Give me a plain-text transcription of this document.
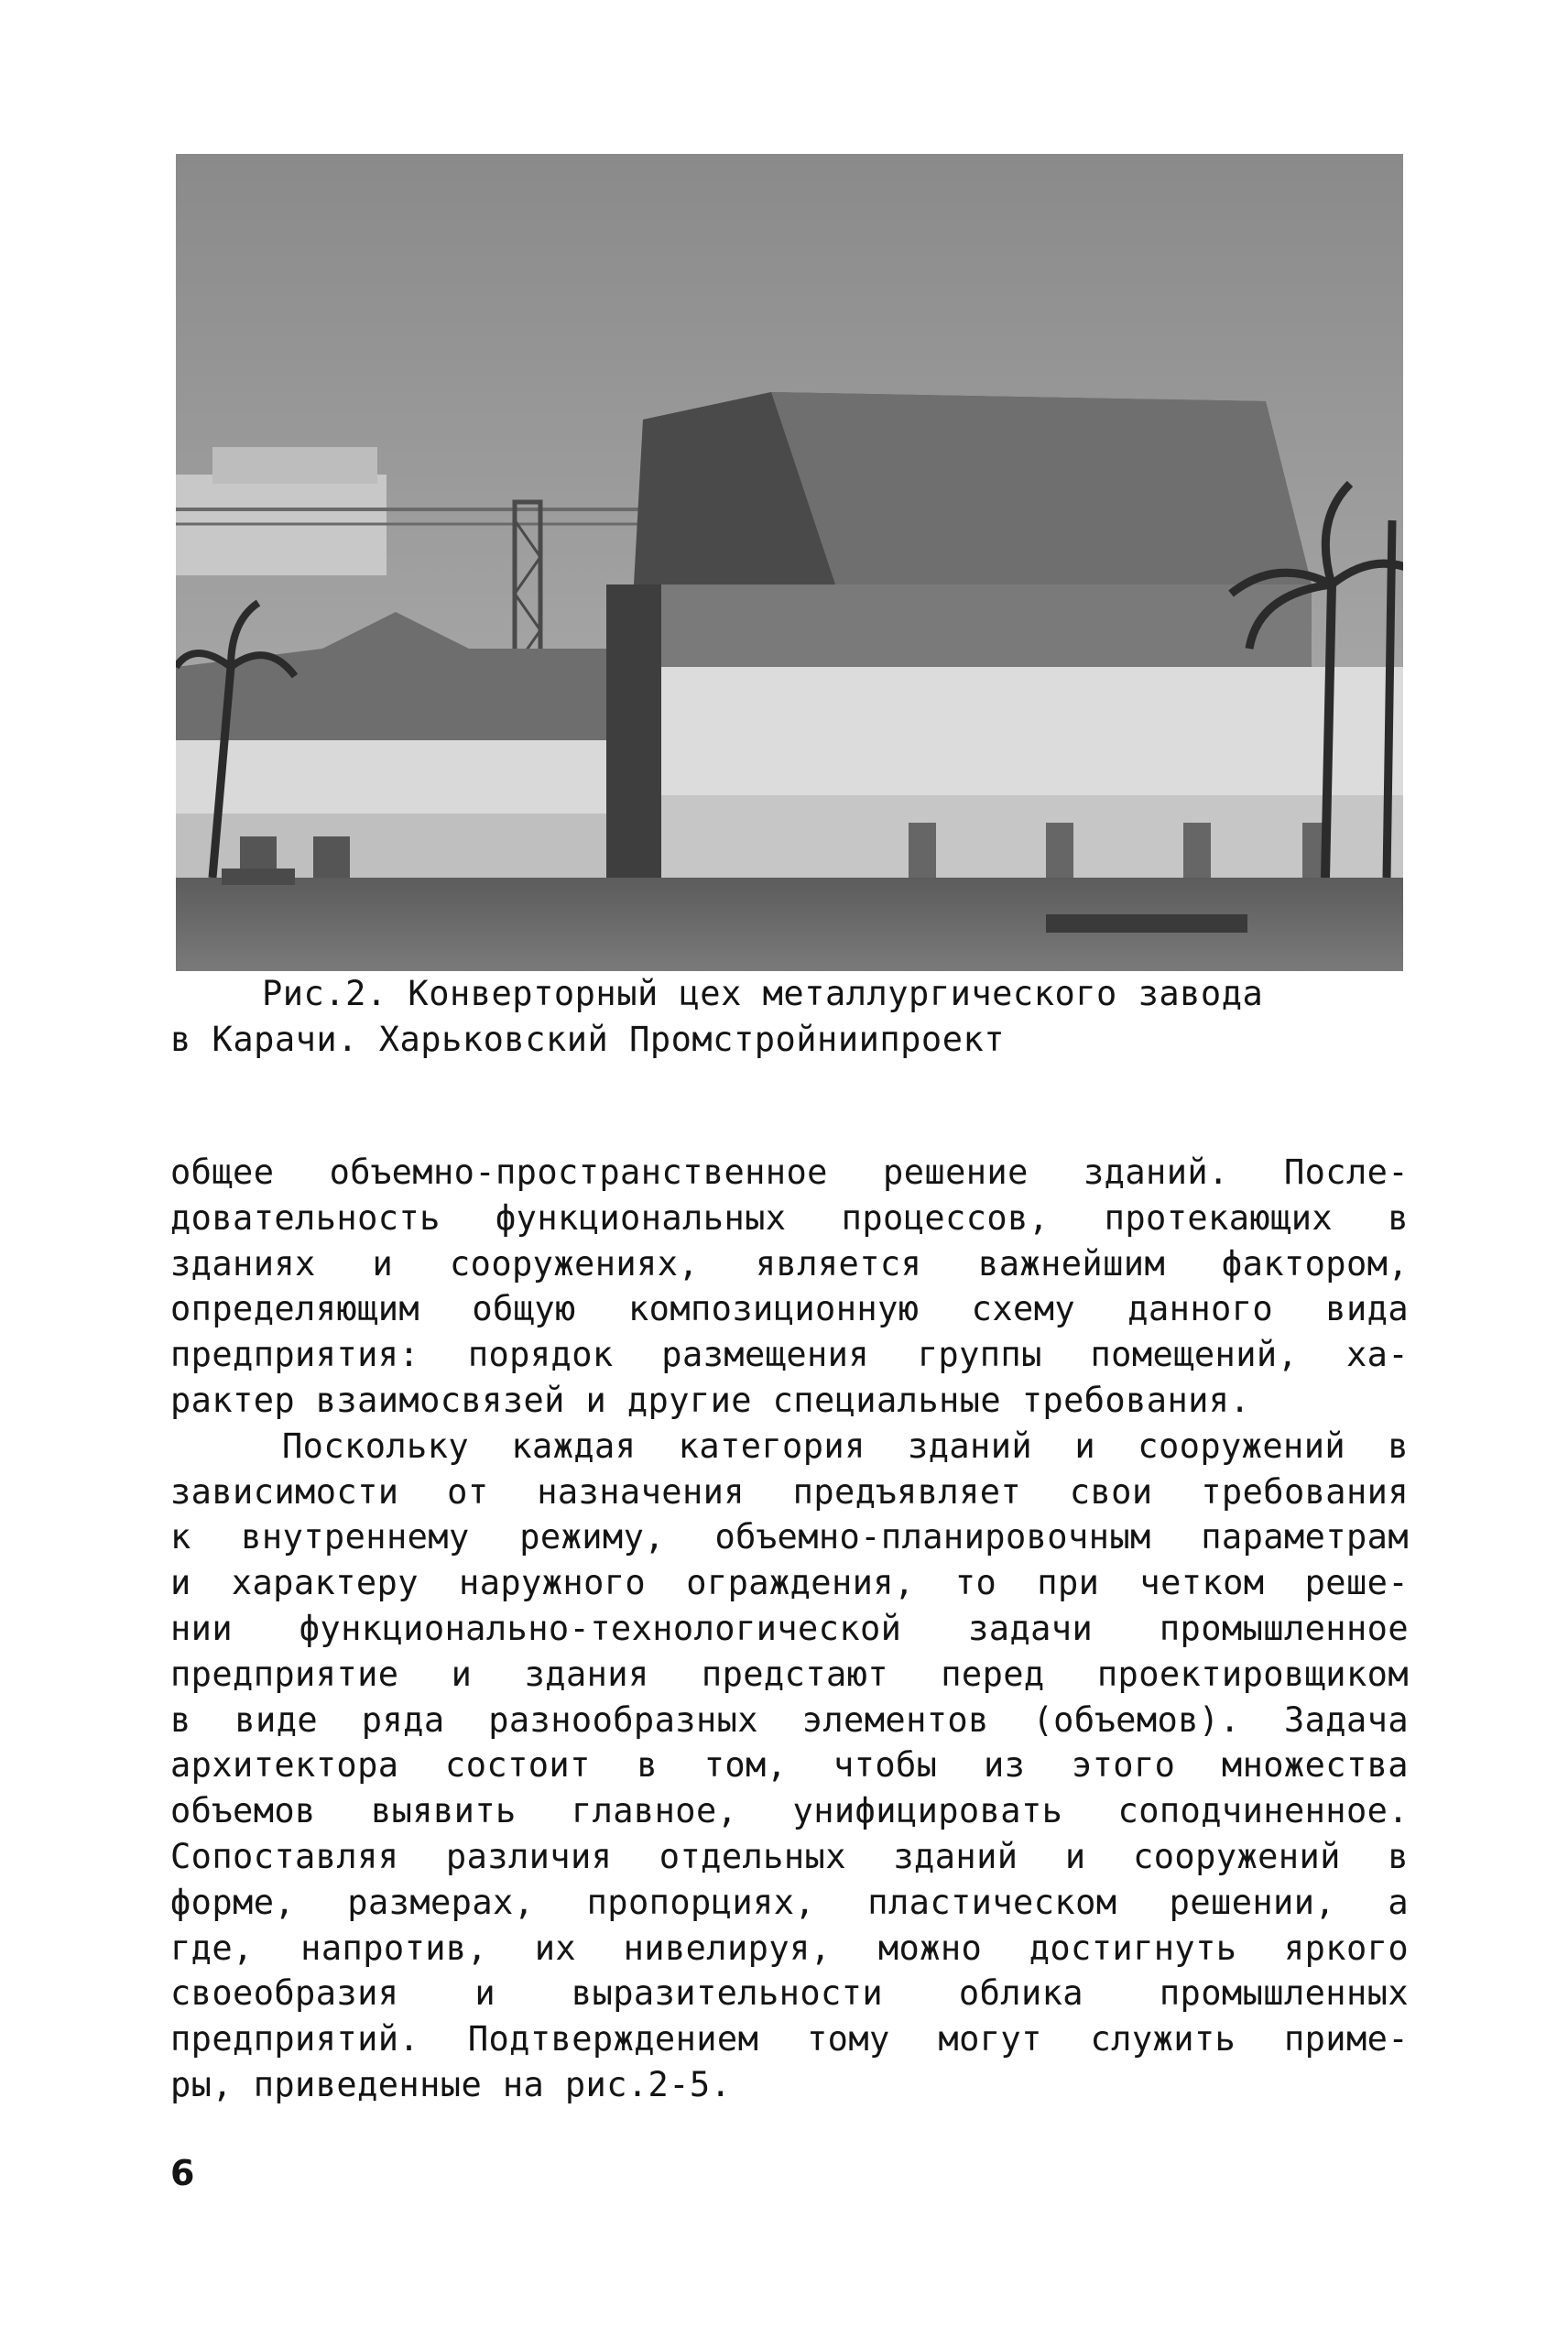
Рис.2. Конверторный цех металлургического завода
в Карачи. Харьковский Промстройниипроект
общее объемно-пространственное решение зданий. После-
довательность функциональных процессов, протекающих в
зданиях и сооружениях, является важнейшим фактором,
определяющим общую композиционную схему данного вида
предприятия: порядок размещения группы помещений, ха-
рактер взаимосвязей и другие специальные требования.
Поскольку каждая категория зданий и сооружений в
зависимости от назначения предъявляет свои требования
к внутреннему режиму, объемно-планировочным параметрам
и характеру наружного ограждения, то при четком реше-
нии функционально-технологической задачи промышленное
предприятие и здания предстают перед проектировщиком
в виде ряда разнообразных элементов (объемов). Задача
архитектора состоит в том, чтобы из этого множества
объемов выявить главное, унифицировать соподчиненное.
Сопоставляя различия отдельных зданий и сооружений в
форме, размерах, пропорциях, пластическом решении, а
где, напротив, их нивелируя, можно достигнуть яркого
своеобразия и выразительности облика промышленных
предприятий. Подтверждением тому могут служить приме-
ры, приведенные на рис.2-5.
6
